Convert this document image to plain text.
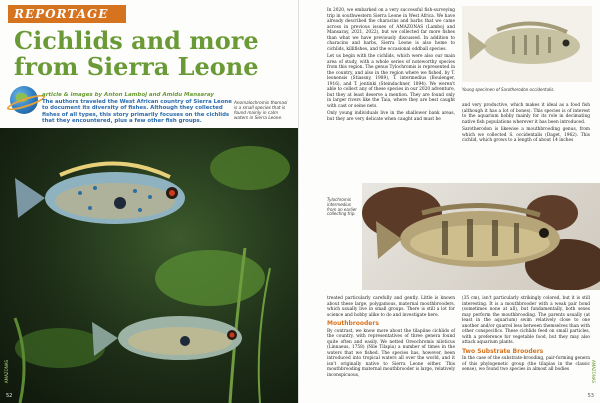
REPORTAGE
Cichlids and more from Sierra Leone
article & images by Anton Lamboj and Amidu Mansaray
The authors traveled the West African country of Sierra Leone to document its diversity of fishes. Although they collected fishes of all types, this story primarily focuses on the cichlids that they encountered, plus a few other fish groups.
Anomalochromis thomasi is a small species that is found mainly in calm waters in Sierra Leone.
AMAZONAS
52

In 2020, we embarked on a very successful fish-surveying trip in southwestern Sierra Leone in West Africa. We have already described the characins and barbs that we came across in previous issues of AMAZONAS (Lamboj and Mansaray, 2021, 2022), but we collected far more fishes than what we have previously discussed. In addition to characins and barbs, Sierra Leone is also home to cichlids, killifishes, and the occasional oddball species.

Let us begin with the cichlids, which were also our main area of study, with a whole series of noteworthy species from this region. The genus Tylochromis is represented in the country, and also in the region where we fished, by T. leonensis (Stiassny, 1989), T. intermedius (Boulenger, 1916), and T. jentinki (Steindachner, 1894). We weren't able to collect any of these species in our 2020 adventure, but they at least deserve a mention. They are found only in larger rivers like the Taia, where they are best caught with cast or seine nets.

Only young individuals live in the shallower bank areas, but they are very delicate when caught and must be

Young specimen of Sarotherodon occidentalis.

and very productive, which makes it ideal as a food fish (although it has a lot of bones). This species is of interest to the aquarium hobby mainly for its role in decimating native fish populations wherever it has been introduced.

Sarotherodon is likewise a mouthbrooding genus, from which we collected S. occidentalis (Daget, 1962). This cichlid, which grows to a length of about 14 inches

Tylochromis intermedius from an earlier collecting trip.

treated particularly carefully and gently. Little is known about these large, polygamous, maternal mouthbrooders, which usually live in small groups. There is still a lot for science and hobby alike to do and investigate here.

Mouthbrooders

By contrast, we know more about the tilapiine cichlids of the country, with representatives of three genera found quite often and easily. We netted Oreochromis niloticus (Linnaeus, 1758) (Nile Tilapia) a number of times in the waters that we fished. The species has, however, been introduced into tropical waters all over the world, and it isn't originally native to Sierra Leone either. This mouthbrooding maternal mouthbrooder is large, relatively inconspicuous,

(35 cm), isn't particularly strikingly colored, but it is still interesting. It is a mouthbrooder with a weak pair bond (sometimes none at all), but fundamentally, both sexes may perform the mouthbrooding. The parents usually (at least in the aquarium) swim relatively close to one another and/or quarrel less between themselves than with other conspecifics. These cichlids feed on small particles, with a preference for vegetable food, but they may also attack aquarium plants.

Two Substrate Brooders

In the case of the substrate-brooding, pair-forming genera of this phylogenetic group (the tilapias in the classic sense), we found two species in almost all bodies	AMAZONAS
53
